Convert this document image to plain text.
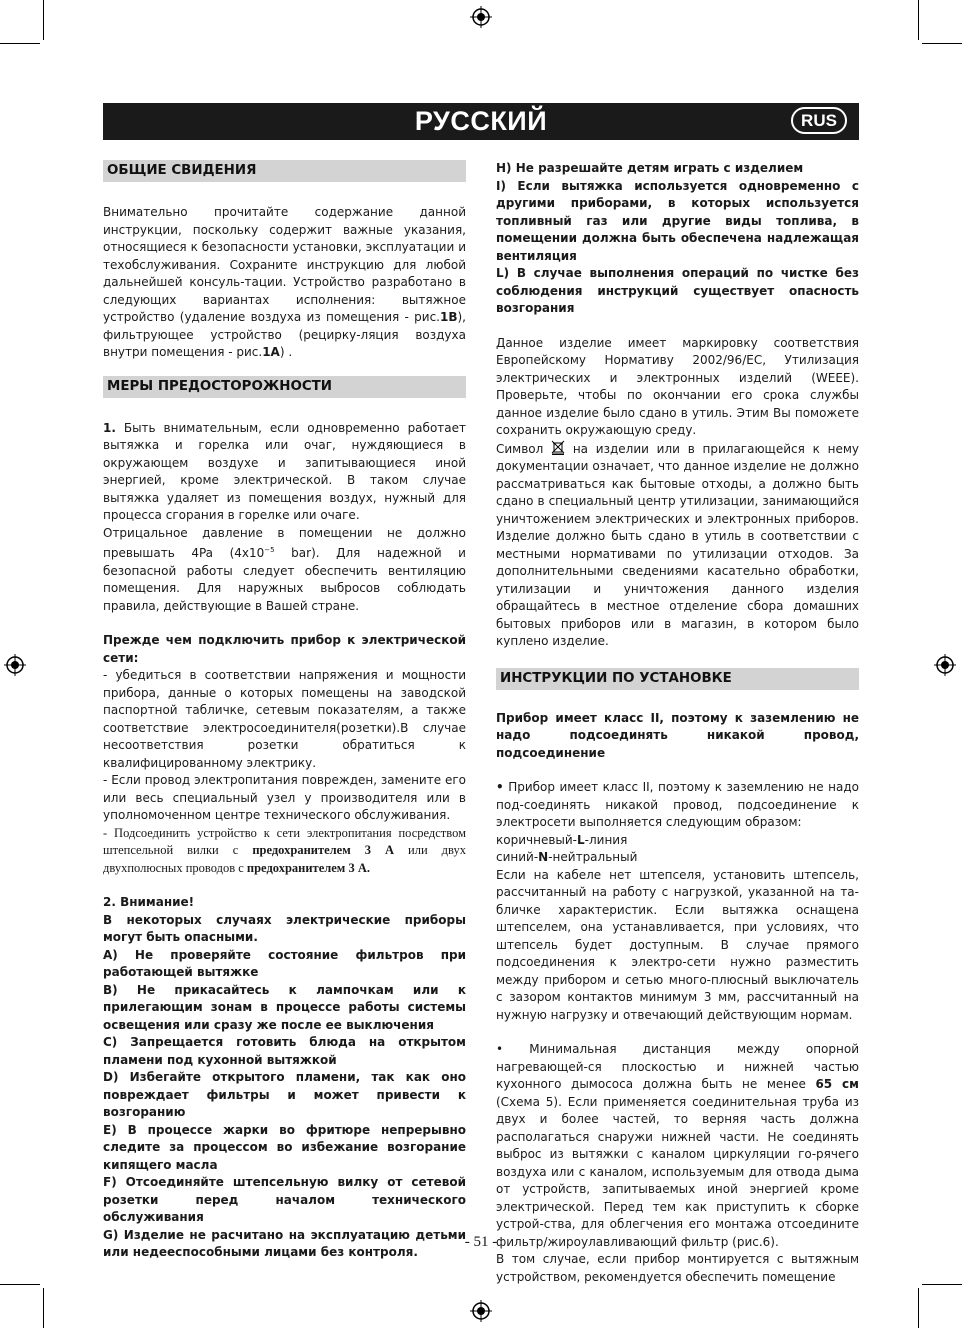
РУССКИЙ	RUS
ОБЩИЕ СВИДЕНИЯ

Внимательно прочитайте содержание данной инструкции, поскольку содержит важные указания, относящиеся к безопасности установки, эксплуатации и техобслуживания. Сохраните инструкцию для любой дальнейшей консуль-тации. Устройство разработано в следующих вариантах исполнения: вытяжное устройство (удаление воздуха из помещения - рис.1B), фильтрующее устройство (рецирку-ляция воздуха внутри помещения - рис.1A) .

МЕРЫ ПРЕДОСТОРОЖНОСТИ

1. Быть внимательным, если одновременно работает вытяжка и горелка или очаг, нуждяющиеся в окружающем воздухе и запитывающиеся иной энергией, кроме электрической. В таком случае вытяжка удаляет из помещения воздух, нужный для процесса сгорания в горелке или очаге.

Отрицальное давление в помещении не должно превышать 4Pa ($4x10^{-5}$ bar). Для надежной и безопасной работы следует обеспечить вентиляцию помещения. Для наружных выбросов соблюдать правила, действующие в Вашей стране.

Прежде чем подключить прибор к электрической сети:

- убедиться в соответствии напряжения и мощности прибора, данные о которых помещены на заводской паспортной табличке, сетевым показателям, а также соответствие электросоединителя(розетки).В случае несоответствия розетки обратиться к квалифицированному электрику.

- Если провод электропитания поврежден, замените его или весь специальный узел у производителя или в уполномоченном центре технического обслуживания.

- Подсоединить устройство к сети электропитания посредством штепсельной вилки с предохранителем 3 А или двух двухполюсных проводов с предохранителем 3 А.

2. Внимание!

В некоторых случаях электрические приборы могут быть опасными.

A) Не проверяйте состояние фильтров при работающей вытяжке

B) Не прикасайтесь к лампочкам или к прилегающим зонам в процессе работы системы освещения или сразу же после ее выключения

C) Запрещается готовить блюда на открытом пламени под кухонной вытяжкой

D) Избегайте открытого пламени, так как оно повреждает фильтры и может привести к возгоранию

E) В процессе жарки во фритюре непрерывно следите за процессом во избежание возгорание кипящего масла

F) Отсоединяйте штепсельную вилку от сетевой розетки перед началом технического обслуживания

G) Изделие не расчитано на эксплуатацию детьми или недееспособными лицами без контроля.

H) Не разрешайте детям играть с изделием

I) Если вытяжка используется одновременно с другими приборами, в которых используется топливный газ или другие виды топлива, в помещении должна быть обеспечена надлежащая вентиляция

L) В случае выполнения операций по чистке без соблюдения инструкций существует опасность возгорания

Данное изделие имеет маркировку соответствия Европейскому Нормативу 2002/96/EC, Утилизация электрических и электронных изделий (WEEE). Проверьте, чтобы по окончании его срока службы данное изделие было сдано в утиль. Этим Вы поможете сохранить окружающую среду.

Символ  на изделии или в прилагающейся к нему документации означает, что данное изделие не должно рассматриваться как бытовые отходы, а должно быть сдано в специальный центр утилизации, занимающийся уничтожением электрических и электронных приборов. Изделие должно быть сдано в утиль в соответствии с местными нормативами по утилизации отходов. За дополнительными сведениями касательно обработки, утилизации и уничтожения данного изделия обращайтесь в местное отделение сбора домашних бытовых приборов или в магазин, в котором было куплено изделие.

ИНСТРУКЦИИ ПО УСТАНОВКЕ

Прибор имеет класс II, поэтому к заземлению не надо подсоединять никакой провод, подсоединение

• Прибор имеет класс II, поэтому к заземлению не надо под-соединять никакой провод, подсоединение к электросети выполняется следующим образом:

коричневый-L-линия

синий-N-нейтральный

Если на кабеле нет штепселя, установить штепсель, рассчитанный на работу с нагрузкой, указанной на та-бличке характеристик. Если вытяжка оснащена штепселем, она устанавливается, при условиях, что штепсель будет доступным. В случае прямого подсоединения к электро-сети нужно разместить между прибором и сетью много-плюсный выключатель с зазором контактов минимум 3 мм, рассчитанный на нужную нагрузку и отвечающий действующим нормам.

• Минимальная дистанция между опорной нагревающей-ся плоскостью и нижней частью кухонного дымососа должна быть не менее 65 см (Схема 5). Если применяется соединительная труба из двух и более частей, то верняя часть должна располагаться снаружи нижней части. Не соединять выброс из вытяжки с каналом циркуляции го-рячего воздуха или с каналом, используемым для отвода дыма от устройств, запитываемых иной энергией кроме электрической. Перед тем как приступить к сборке устрой-ства, для облегчения его монтажа отсоедините фильтр/жироулавливающий фильтр (рис.6).

В том случае, если прибор монтируется с вытяжным устройством, рекомендуется обеспечить помещение

- 51 -
